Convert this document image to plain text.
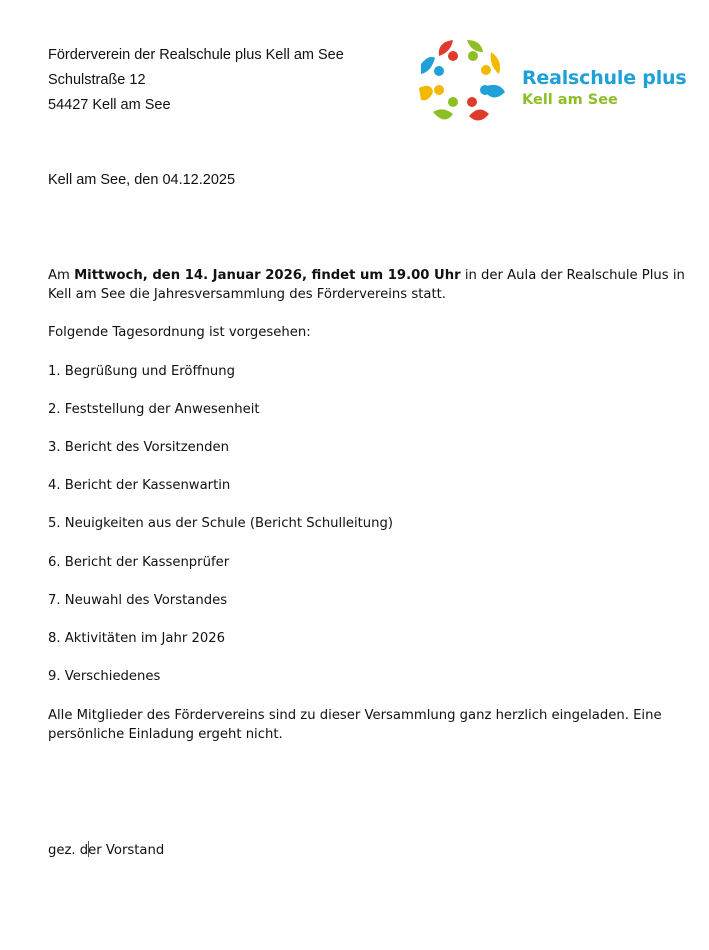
Förderverein der Realschule plus Kell am See
Schulstraße 12
54427 Kell am See
Realschule plus
Kell am See
Kell am See, den 04.12.2025
Am Mittwoch, den 14. Januar 2026, findet um 19.00 Uhr in der Aula der Realschule Plus in
Kell am See die Jahresversammlung des Fördervereins statt.
Folgende Tagesordnung ist vorgesehen:
1. Begrüßung und Eröffnung
2. Feststellung der Anwesenheit
3. Bericht des Vorsitzenden
4. Bericht der Kassenwartin
5. Neuigkeiten aus der Schule (Bericht Schulleitung)
6. Bericht der Kassenprüfer
7. Neuwahl des Vorstandes
8. Aktivitäten im Jahr 2026
9. Verschiedenes
Alle Mitglieder des Fördervereins sind zu dieser Versammlung ganz herzlich eingeladen. Eine
persönliche Einladung ergeht nicht.
gez. der Vorstand
